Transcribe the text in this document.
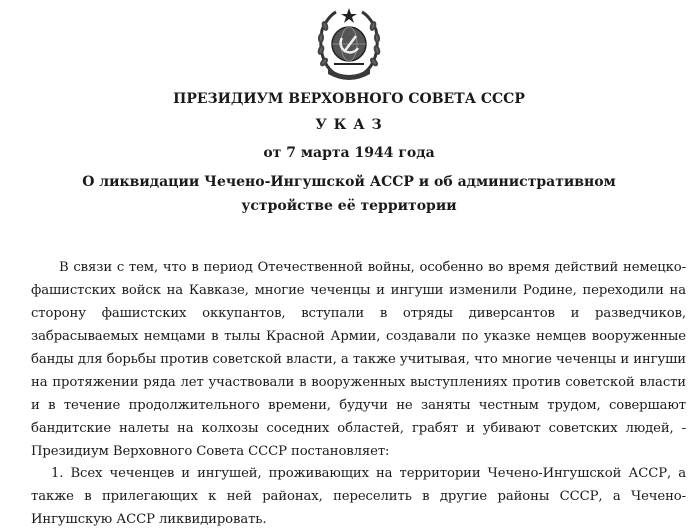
ПРЕЗИДИУМ ВЕРХОВНОГО СОВЕТА СССР
У К А З
от 7 марта 1944 года
О ликвидации Чечено-Ингушской АССР и об административном устройстве её территории

В связи с тем, что в период Отечественной войны, особенно во время действий немецко-фашистских войск на Кавказе, многие чеченцы и ингуши изменили Родине, переходили на сторону фашистских оккупантов, вступали в отряды диверсантов и разведчиков, забрасываемых немцами в тылы Красной Армии, создавали по указке немцев вооруженные банды для борьбы против советской власти, а также учитывая, что многие чеченцы и ингуши на протяжении ряда лет участвовали в вооруженных выступлениях против советской власти и в течение продолжительного времени, будучи не заняты честным трудом, совершают бандитские налеты на колхозы соседних областей, грабят и убивают советских людей, - Президиум Верховного Совета СССР постановляет:

1. Всех чеченцев и ингушей, проживающих на территории Чечено-Ингушской АССР, а также в прилегающих к ней районах, переселить в другие районы СССР, а Чечено-Ингушскую АССР ликвидировать.
